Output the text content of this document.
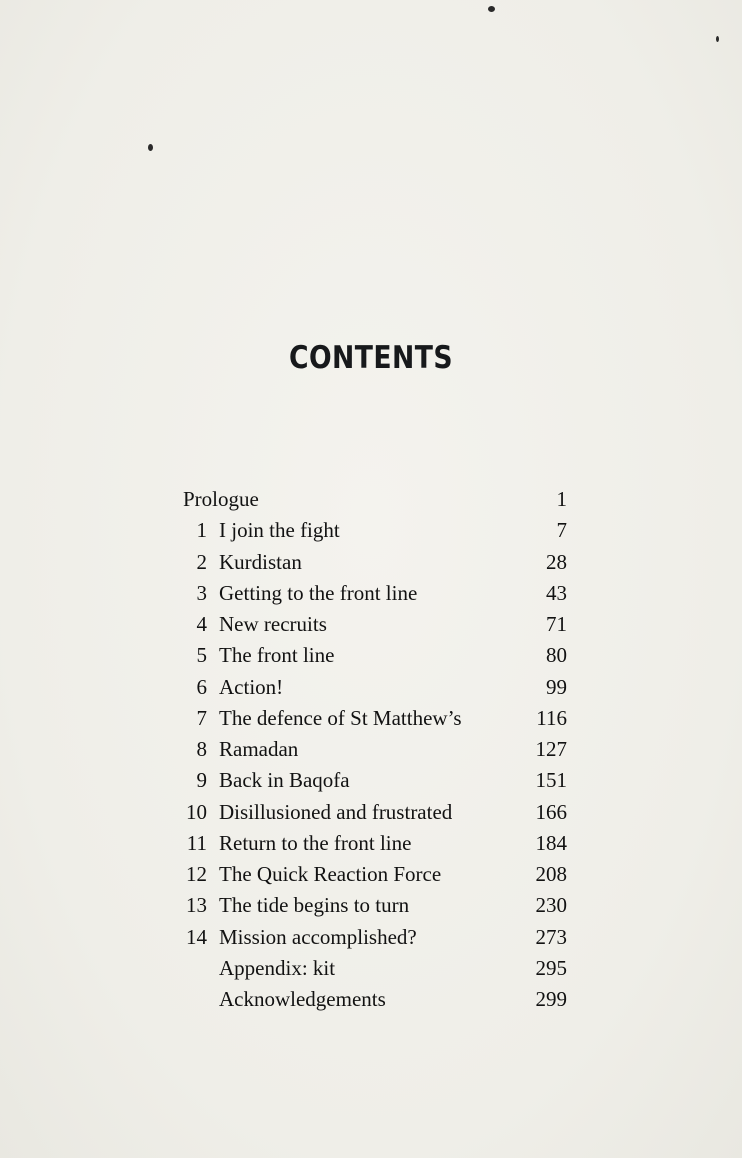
CONTENTS
Prologue	1
1 I join the fight	7
2 Kurdistan	28
3 Getting to the front line	43
4 New recruits	71
5 The front line	80
6 Action!	99
7 The defence of St Matthew’s	116
8 Ramadan	127
9 Back in Baqofa	151
10 Disillusioned and frustrated	166
11 Return to the front line	184
12 The Quick Reaction Force	208
13 The tide begins to turn	230
14 Mission accomplished?	273
Appendix: kit	295
Acknowledgements	299
